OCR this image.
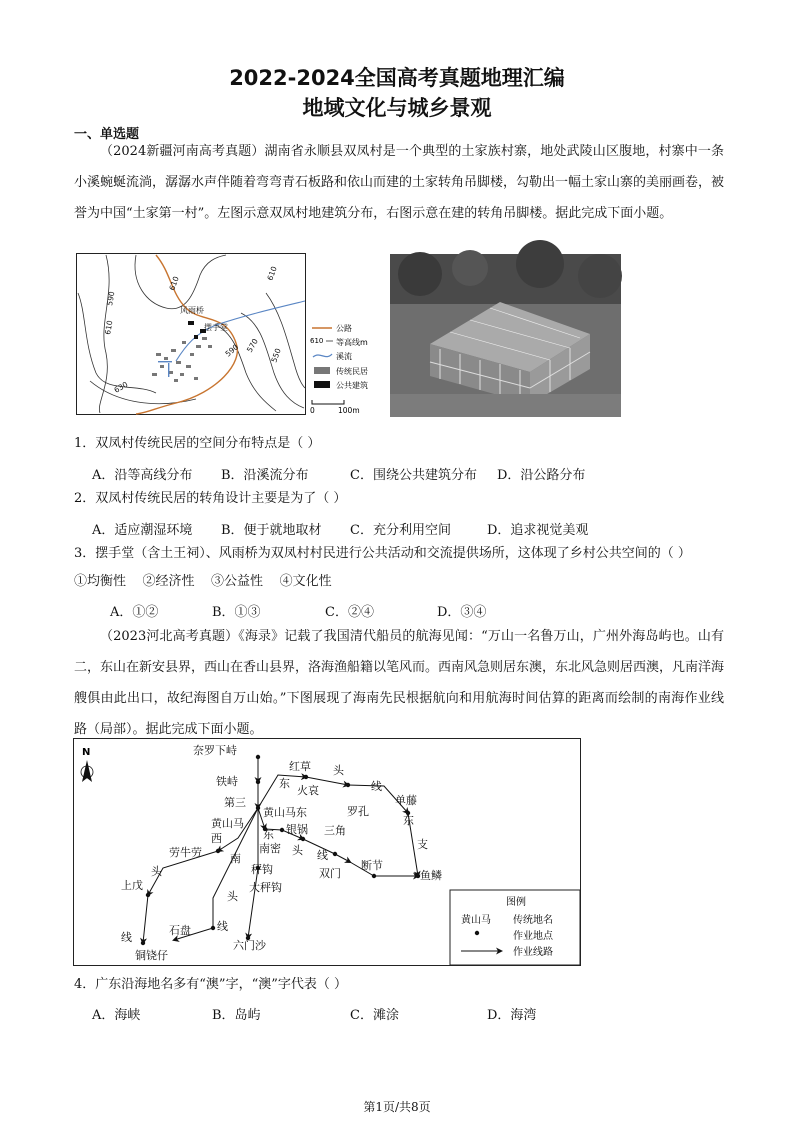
2022-2024全国高考真题地理汇编
地域文化与城乡景观
一、单选题
（2024新疆河南高考真题）湖南省永顺县双凤村是一个典型的土家族村寨，地处武陵山区腹地，村寨中一条小溪蜿蜒流淌，潺潺水声伴随着弯弯青石板路和依山而建的土家转角吊脚楼，勾勒出一幅土家山寨的美丽画卷，被誉为中国“土家第一村”。左图示意双凤村地建筑分布，右图示意在建的转角吊脚楼。据此完成下面小题。
风雨桥
摆手堂
590
610
610
630
590 570
550
610
公路
610 等高线m
溪流
传统民居
公共建筑
0	100m
1．双凤村传统民居的空间分布特点是（ ）
A．沿等高线分布 B．沿溪流分布	C．围绕公共建筑分布 D．沿公路分布
2．双凤村传统民居的转角设计主要是为了（ ）
A．适应潮湿环境 B．便于就地取材 C．充分利用空间	D．追求视觉美观
3．摆手堂（含土王祠）、风雨桥为双凤村村民进行公共活动和交流提供场所，这体现了乡村公共空间的（ ）
①均衡性    ②经济性    ③公益性    ④文化性
A．①②	B．①③	C．②④	D．③④
（2023河北高考真题）《海录》记载了我国清代船员的航海见闻：“万山一名鲁万山，广州外海岛屿也。山有二，东山在新安县界，西山在香山县界，洛海渔船籍以笔风而。西南风急则居东澳，东北风急则居西澳，凡南洋海艘俱由此出口，故纪海图自万山始。”下图展现了海南先民根据航向和用航海时间估算的距离而绘制的南海作业线路（局部）。据此完成下面小题。
N	奈罗下峙
铁峙
第三
红草
火哀
黄山马
黄山马东
银锅 三角
罗孔
单藤
劳牛劳	南密
秤钩
大秤钩
双门
断节
鱼鳞
上戊
石盘
铜铙仔
六门沙
东
头
线
西	东
南
头
线
东
支
头 线
头
线
图例
黄山马 传统地名
作业地点
作业线路
4．广东沿海地名多有“澳”字，“澳”字代表（ ）
A．海峡	B．岛屿	C．滩涂	D．海湾
第1页/共8页
